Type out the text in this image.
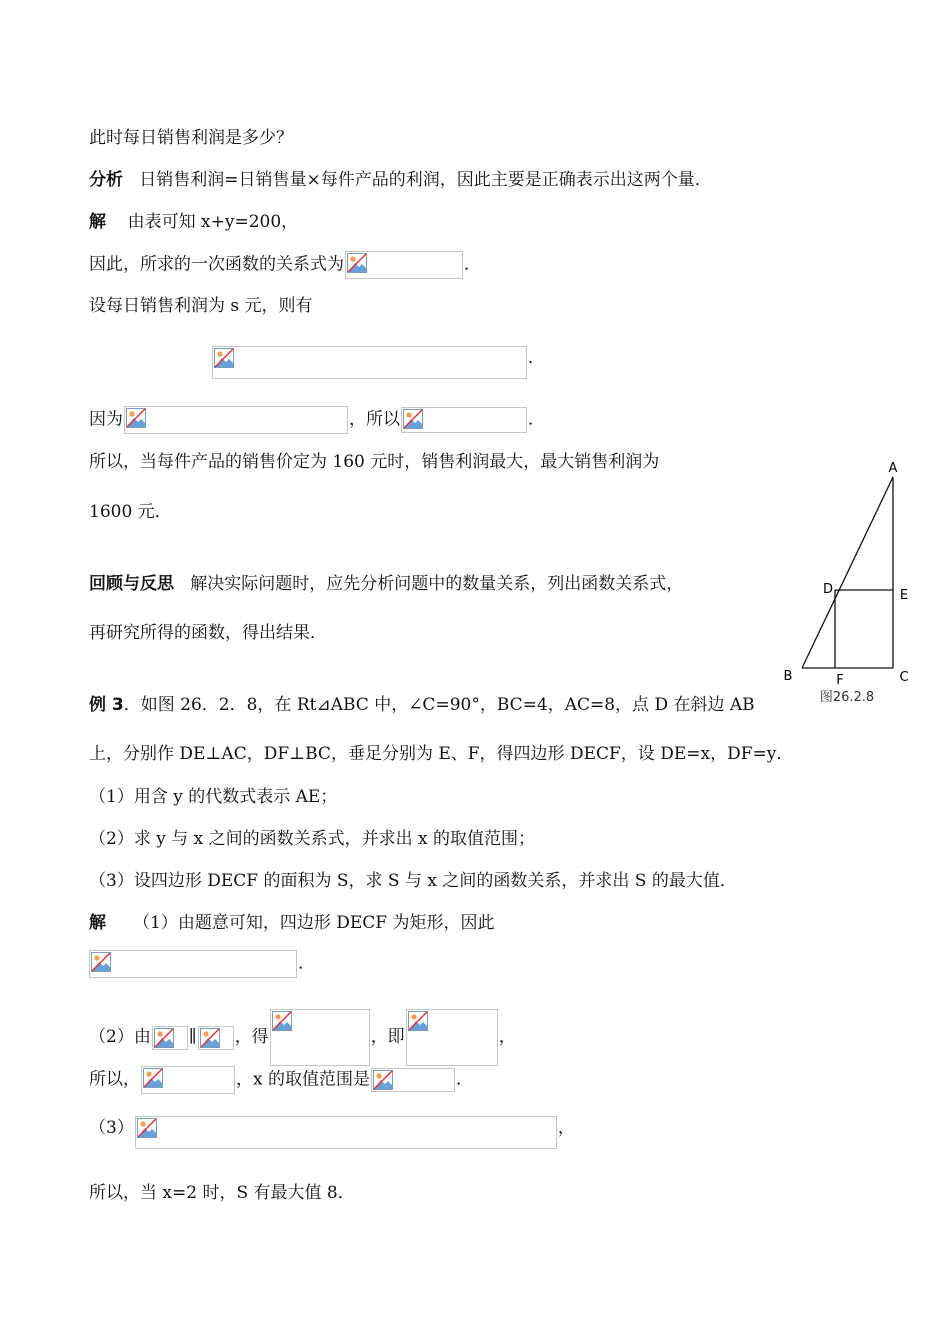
此时每日销售利润是多少？
分析 日销售利润=日销售量×每件产品的利润，因此主要是正确表示出这两个量．
解 由表可知 x+y=200，
因此，所求的一次函数的关系式为	．
设每日销售利润为 s 元，则有
．
因为	，所以	．
所以，当每件产品的销售价定为 160 元时，销售利润最大，最大销售利润为
1600 元．
回顾与反思 解决实际问题时，应先分析问题中的数量关系，列出函数关系式，
再研究所得的函数，得出结果．
例 3．如图 26．2．8，在 Rt⊿ABC 中，∠C=90°，BC=4，AC=8，点 D 在斜边 AB
上，分别作 DE⊥AC，DF⊥BC，垂足分别为 E、F，得四边形 DECF，设 DE=x，DF=y．
（1）用含 y 的代数式表示 AE；
（2）求 y 与 x 之间的函数关系式，并求出 x 的取值范围；
（3）设四边形 DECF 的面积为 S，求 S 与 x 之间的函数关系，并求出 S 的最大值．
解 （1）由题意可知，四边形 DECF 为矩形，因此
．
（2）由 ∥ ，得	，即	，
所以，	，x 的取值范围是	．
（3）	，
所以，当 x=2 时，S 有最大值 8．
A
B	C
D	E
F
图26.2.8
